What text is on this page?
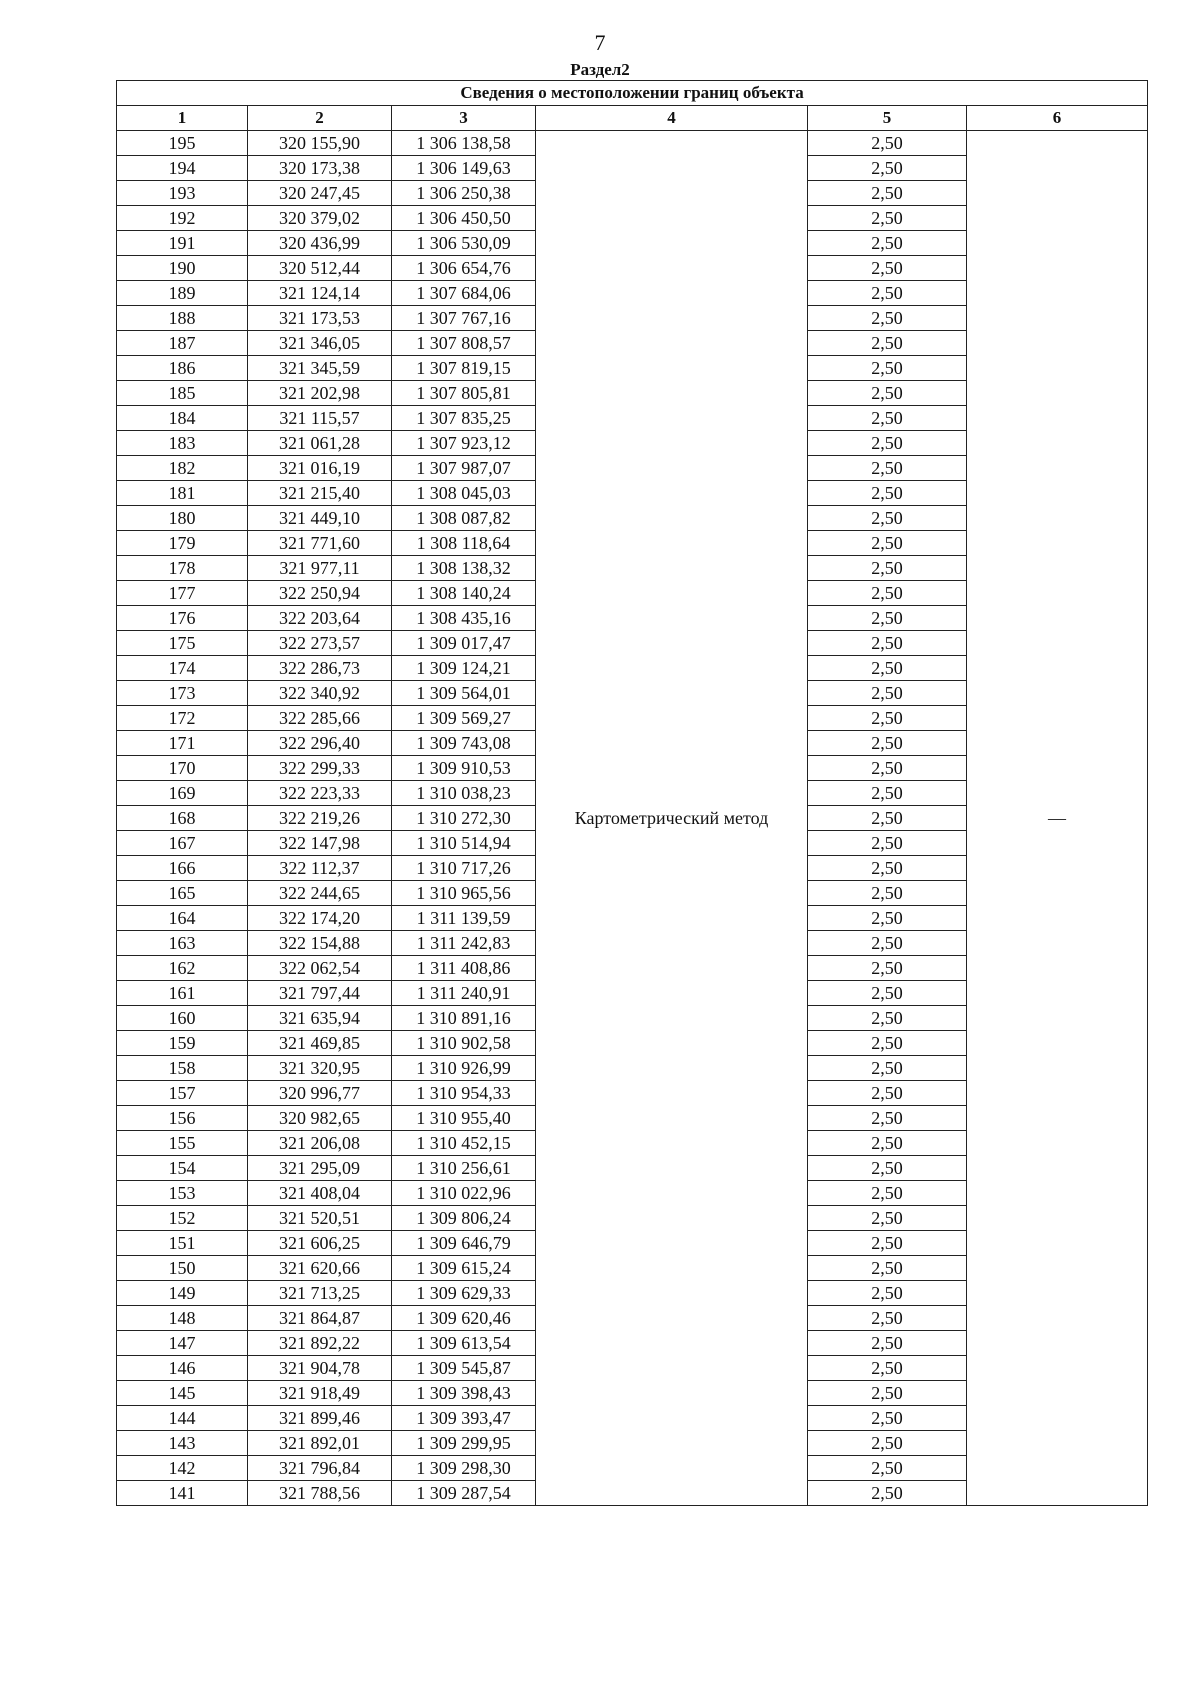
7
Раздел2
Сведения о местоположении границ объекта					
1	2	3	4	5	6
195	320 155,90	1 306 138,58	Картометрический метод	2,50	—
194	320 173,38	1 306 149,63		2,50	
193	320 247,45	1 306 250,38		2,50	
192	320 379,02	1 306 450,50		2,50	
191	320 436,99	1 306 530,09		2,50	
190	320 512,44	1 306 654,76		2,50	
189	321 124,14	1 307 684,06		2,50	
188	321 173,53	1 307 767,16		2,50	
187	321 346,05	1 307 808,57		2,50	
186	321 345,59	1 307 819,15		2,50	
185	321 202,98	1 307 805,81		2,50	
184	321 115,57	1 307 835,25		2,50	
183	321 061,28	1 307 923,12		2,50	
182	321 016,19	1 307 987,07		2,50	
181	321 215,40	1 308 045,03		2,50	
180	321 449,10	1 308 087,82		2,50	
179	321 771,60	1 308 118,64		2,50	
178	321 977,11	1 308 138,32		2,50	
177	322 250,94	1 308 140,24		2,50	
176	322 203,64	1 308 435,16		2,50	
175	322 273,57	1 309 017,47		2,50	
174	322 286,73	1 309 124,21		2,50	
173	322 340,92	1 309 564,01		2,50	
172	322 285,66	1 309 569,27		2,50	
171	322 296,40	1 309 743,08		2,50	
170	322 299,33	1 309 910,53		2,50	
169	322 223,33	1 310 038,23		2,50	
168	322 219,26	1 310 272,30		2,50	
167	322 147,98	1 310 514,94		2,50	
166	322 112,37	1 310 717,26		2,50	
165	322 244,65	1 310 965,56		2,50	
164	322 174,20	1 311 139,59		2,50	
163	322 154,88	1 311 242,83		2,50	
162	322 062,54	1 311 408,86		2,50	
161	321 797,44	1 311 240,91		2,50	
160	321 635,94	1 310 891,16		2,50	
159	321 469,85	1 310 902,58		2,50	
158	321 320,95	1 310 926,99		2,50	
157	320 996,77	1 310 954,33		2,50	
156	320 982,65	1 310 955,40		2,50	
155	321 206,08	1 310 452,15		2,50	
154	321 295,09	1 310 256,61		2,50	
153	321 408,04	1 310 022,96		2,50	
152	321 520,51	1 309 806,24		2,50	
151	321 606,25	1 309 646,79		2,50	
150	321 620,66	1 309 615,24		2,50	
149	321 713,25	1 309 629,33		2,50	
148	321 864,87	1 309 620,46		2,50	
147	321 892,22	1 309 613,54		2,50	
146	321 904,78	1 309 545,87		2,50	
145	321 918,49	1 309 398,43		2,50	
144	321 899,46	1 309 393,47		2,50	
143	321 892,01	1 309 299,95		2,50	
142	321 796,84	1 309 298,30		2,50	
141	321 788,56	1 309 287,54		2,50	
